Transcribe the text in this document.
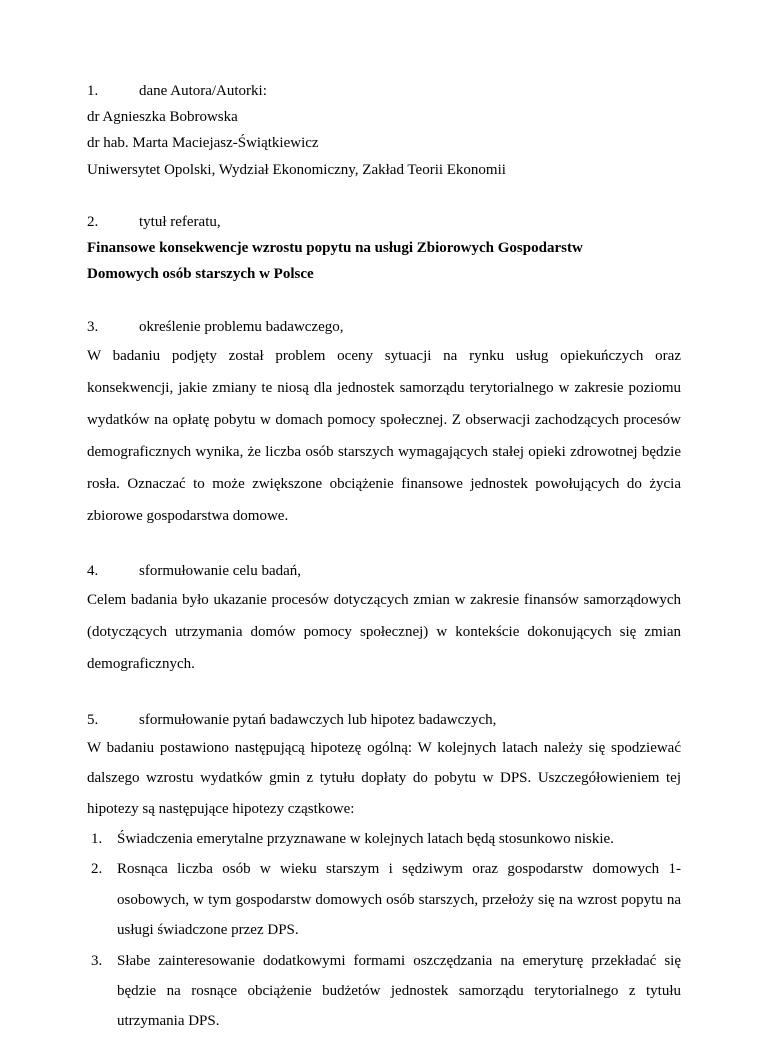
1.	dane Autora/Autorki:

dr Agnieszka Bobrowska

dr hab. Marta Maciejasz-Świątkiewicz

Uniwersytet Opolski, Wydział Ekonomiczny, Zakład Teorii Ekonomii

2.	tytuł referatu,

Finansowe konsekwencje wzrostu popytu na usługi Zbiorowych Gospodarstw

Domowych osób starszych w Polsce

3.	określenie problemu badawczego,

W badaniu podjęty został problem oceny sytuacji na rynku usług opiekuńczych oraz konsekwencji, jakie zmiany te niosą dla jednostek samorządu terytorialnego w zakresie poziomu wydatków na opłatę pobytu w domach pomocy społecznej. Z obserwacji zachodzących procesów demograficznych wynika, że liczba osób starszych wymagających stałej opieki zdrowotnej będzie rosła. Oznaczać to może zwiększone obciążenie finansowe jednostek powołujących do życia zbiorowe gospodarstwa domowe.

4.	sformułowanie celu badań,

Celem badania było ukazanie procesów dotyczących zmian w zakresie finansów samorządowych (dotyczących utrzymania domów pomocy społecznej) w kontekście dokonujących się zmian demograficznych.

5.	sformułowanie pytań badawczych lub hipotez badawczych,

W badaniu postawiono następującą hipotezę ogólną: W kolejnych latach należy się spodziewać dalszego wzrostu wydatków gmin z tytułu dopłaty do pobytu w DPS. Uszczegółowieniem tej hipotezy są następujące hipotezy cząstkowe:

1. Świadczenia emerytalne przyznawane w kolejnych latach będą stosunkowo niskie.
2. Rosnąca liczba osób w wieku starszym i sędziwym oraz gospodarstw domowych 1-osobowych, w tym gospodarstw domowych osób starszych, przełoży się na wzrost popytu na usługi świadczone przez DPS.
3. Słabe zainteresowanie dodatkowymi formami oszczędzania na emeryturę przekładać się będzie na rosnące obciążenie budżetów jednostek samorządu terytorialnego z tytułu utrzymania DPS.
